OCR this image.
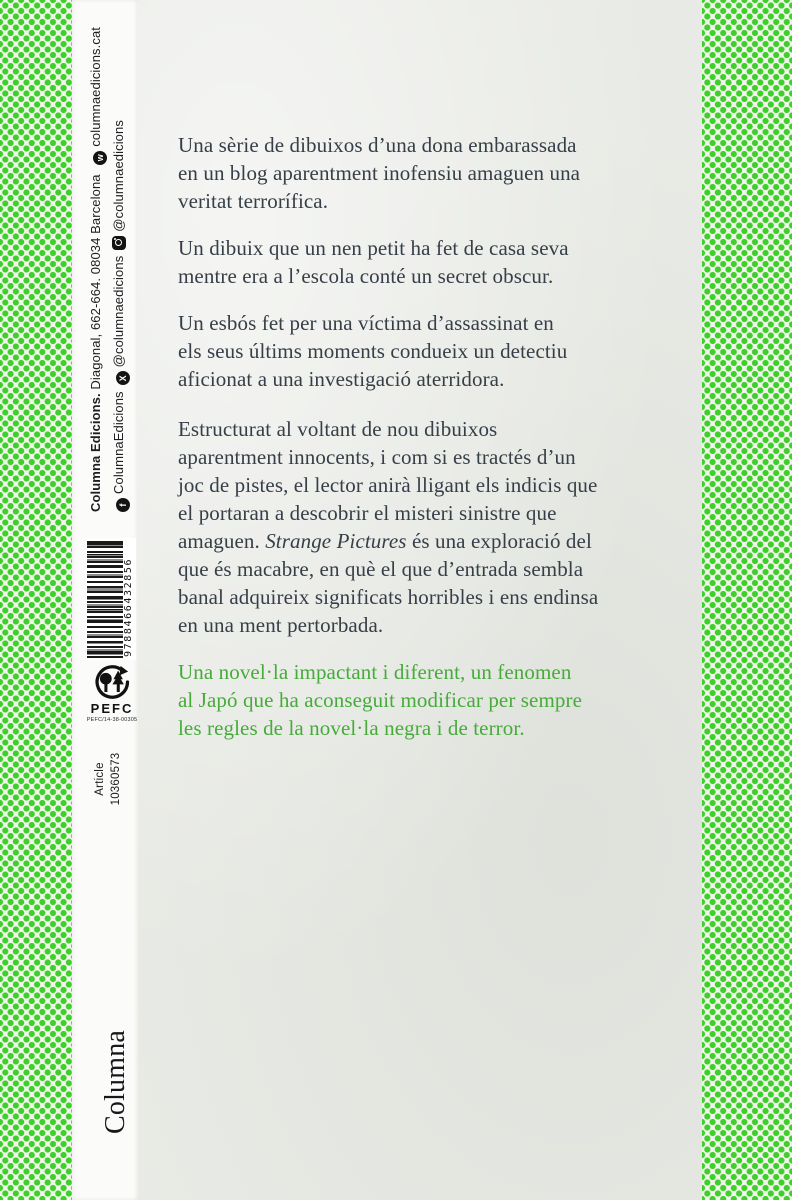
Columna Edicions. Diagonal, 662-664. 08034 Barcelona wcolumnaedicions.cat
fColumnaEdicionsX@columnaedicions@columnaedicions
9788466432856
PEFC
PEFC/14-38-00305
Article 10360573
Columna
Una sèrie de dibuixos d’una dona embarassada
en un blog aparentment inofensiu amaguen una
veritat terrorífica.
Un dibuix que un nen petit ha fet de casa seva
mentre era a l’escola conté un secret obscur.
Un esbós fet per una víctima d’assassinat en
els seus últims moments condueix un detectiu
aficionat a una investigació aterridora.
Estructurat al voltant de nou dibuixos
aparentment innocents, i com si es tractés d’un
joc de pistes, el lector anirà lligant els indicis que
el portaran a descobrir el misteri sinistre que
amaguen. Strange Pictures és una exploració del
que és macabre, en què el que d’entrada sembla
banal adquireix significats horribles i ens endinsa
en una ment pertorbada.
Una novel·la impactant i diferent, un fenomen
al Japó que ha aconseguit modificar per sempre
les regles de la novel·la negra i de terror.
